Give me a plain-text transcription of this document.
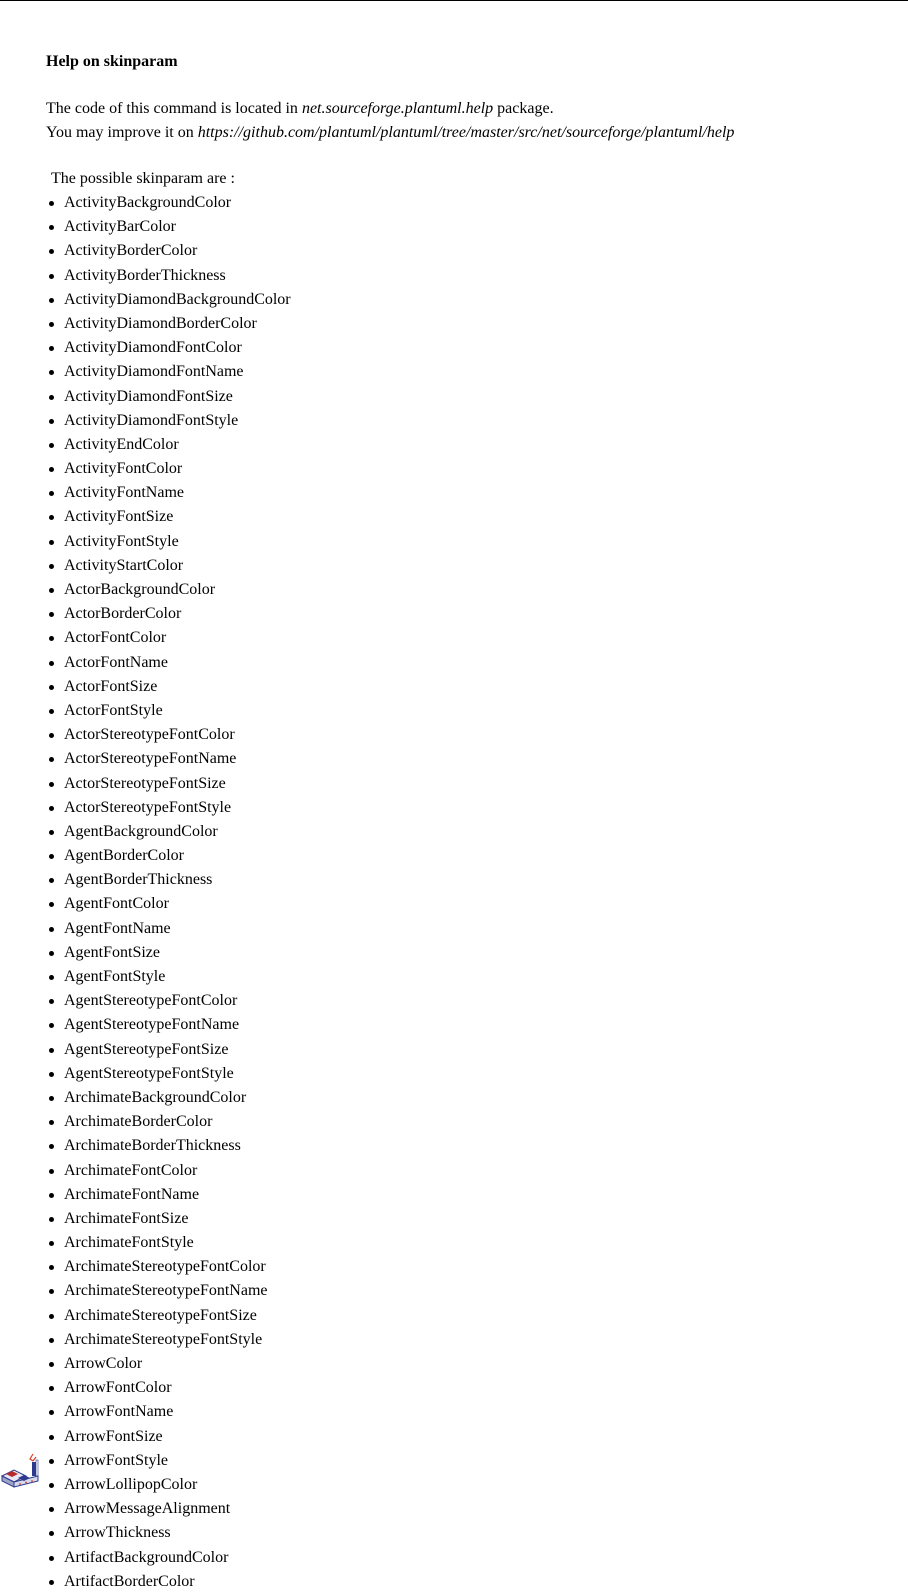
Help on skinparam
The code of this command is located in net.sourceforge.plantuml.help package.
You may improve it on https://github.com/plantuml/plantuml/tree/master/src/net/sourceforge/plantuml/help
The possible skinparam are :
ActivityBackgroundColor
ActivityBarColor
ActivityBorderColor
ActivityBorderThickness
ActivityDiamondBackgroundColor
ActivityDiamondBorderColor
ActivityDiamondFontColor
ActivityDiamondFontName
ActivityDiamondFontSize
ActivityDiamondFontStyle
ActivityEndColor
ActivityFontColor
ActivityFontName
ActivityFontSize
ActivityFontStyle
ActivityStartColor
ActorBackgroundColor
ActorBorderColor
ActorFontColor
ActorFontName
ActorFontSize
ActorFontStyle
ActorStereotypeFontColor
ActorStereotypeFontName
ActorStereotypeFontSize
ActorStereotypeFontStyle
AgentBackgroundColor
AgentBorderColor
AgentBorderThickness
AgentFontColor
AgentFontName
AgentFontSize
AgentFontStyle
AgentStereotypeFontColor
AgentStereotypeFontName
AgentStereotypeFontSize
AgentStereotypeFontStyle
ArchimateBackgroundColor
ArchimateBorderColor
ArchimateBorderThickness
ArchimateFontColor
ArchimateFontName
ArchimateFontSize
ArchimateFontStyle
ArchimateStereotypeFontColor
ArchimateStereotypeFontName
ArchimateStereotypeFontSize
ArchimateStereotypeFontStyle
ArrowColor
ArrowFontColor
ArrowFontName
ArrowFontSize
ArrowFontStyle
ArrowLollipopColor
ArrowMessageAlignment
ArrowThickness
ArtifactBackgroundColor
ArtifactBorderColor
